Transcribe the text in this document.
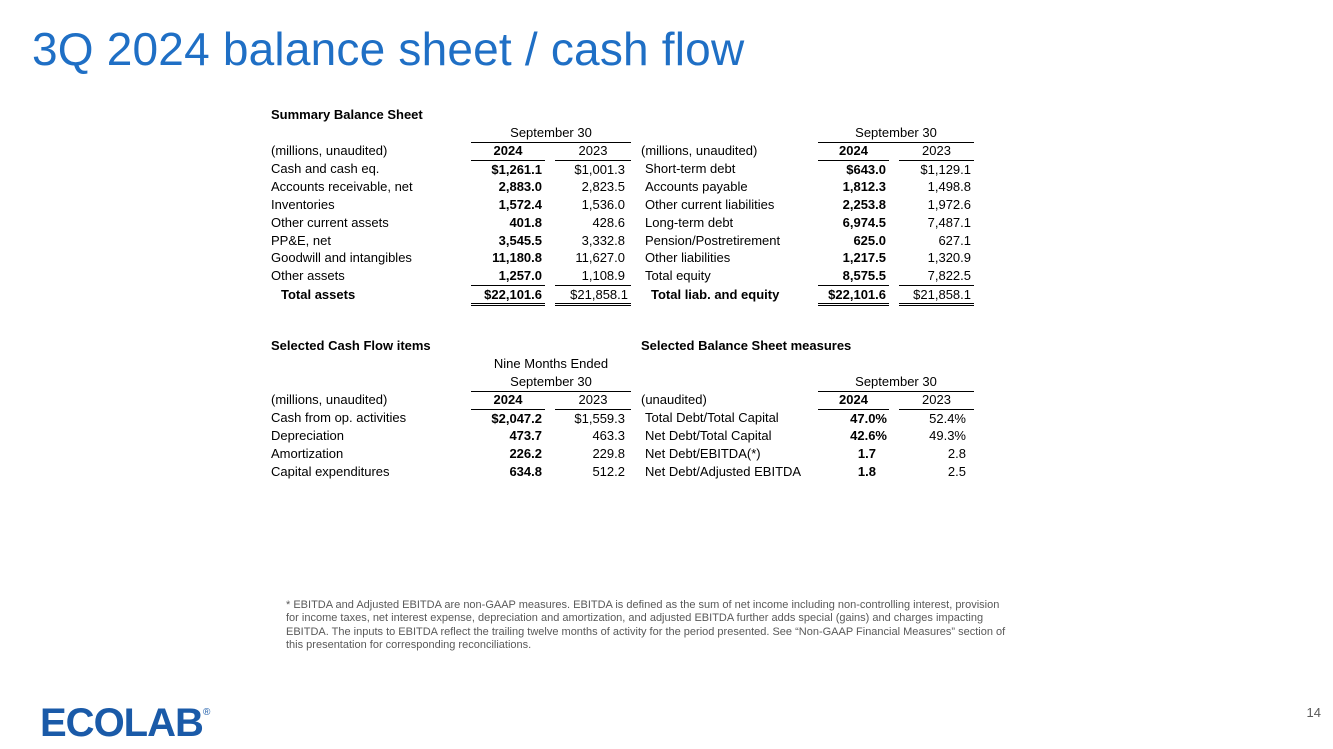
3Q 2024 balance sheet / cash flow
Summary Balance Sheet
September 30	September 30
(millions, unaudited)	2024		2023
Cash and cash eq.	$1,261.1		$1,001.3
Accounts receivable, net	2,883.0		2,823.5
Inventories	1,572.4		1,536.0
Other current assets	401.8		428.6
PP&E, net	3,545.5		3,332.8
Goodwill and intangibles	11,180.8		11,627.0
Other assets	1,257.0		1,108.9
Total assets	$22,101.6		$21,858.1
(millions, unaudited)	2024		2023
Short-term debt	$643.0		$1,129.1
Accounts payable	1,812.3		1,498.8
Other current liabilities	2,253.8		1,972.6
Long-term debt	6,974.5		7,487.1
Pension/Postretirement	625.0		627.1
Other liabilities	1,217.5		1,320.9
Total equity	8,575.5		7,822.5
Total liab. and equity	$22,101.6		$21,858.1
Selected Cash Flow items
Nine Months Ended
September 30
(millions, unaudited)	2024		2023
Cash from op. activities	$2,047.2		$1,559.3
Depreciation	473.7		463.3
Amortization	226.2		229.8
Capital expenditures	634.8		512.2
Selected Balance Sheet measures
September 30
(unaudited)	2024		2023
Total Debt/Total Capital	47.0%		52.4%
Net Debt/Total Capital	42.6%		49.3%
Net Debt/EBITDA(*)	1.7		2.8
Net Debt/Adjusted EBITDA	1.8		2.5
* EBITDA and Adjusted EBITDA are non-GAAP measures. EBITDA is defined as the sum of net income including non-controlling interest, provision for income taxes, net interest expense, depreciation and amortization, and adjusted EBITDA further adds special (gains) and charges impacting EBITDA. The inputs to EBITDA reflect the trailing twelve months of activity for the period presented. See “Non-GAAP Financial Measures” section of this presentation for corresponding reconciliations.
ECOLAB ®	14
